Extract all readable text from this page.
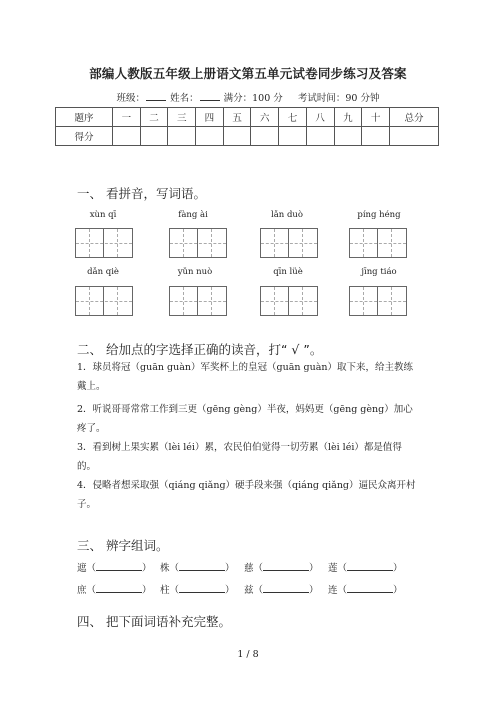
部编人教版五年级上册语文第五单元试卷同步练习及答案
班级：	姓名：	满分：100 分 考试时间：90 分钟
题序	一	二	三	四	五	六	七	八	九	十	总分
得分											
一、 看拼音，写词语。
xùn qī	fàng ài	lǎn duò	píng héng
dǎn qiè	yǔn nuò	qīn lüè	jīng tiáo
二、 给加点的字选择正确的读音，打“ √ ”。
1．球员将冠（guān guàn）军奖杯上的皇冠（guān guàn）取下来，给主教练
戴上。
2．听说哥哥常常工作到三更（gēng gèng）半夜，妈妈更（gēng gèng）加心
疼了。
3．看到树上果实累（lèi léi）累，农民伯伯觉得一切劳累（lèi léi）都是值得
的。
4．侵略者想采取强（qiáng qiǎng）硬手段来强（qiáng qiǎng）逼民众离开村
子。
三、 辨字组词。
遮（	） 株（	） 慈（	） 莲（	）
庶（	） 柱（	） 兹（	） 连（	）
四、 把下面词语补充完整。
1 / 8
